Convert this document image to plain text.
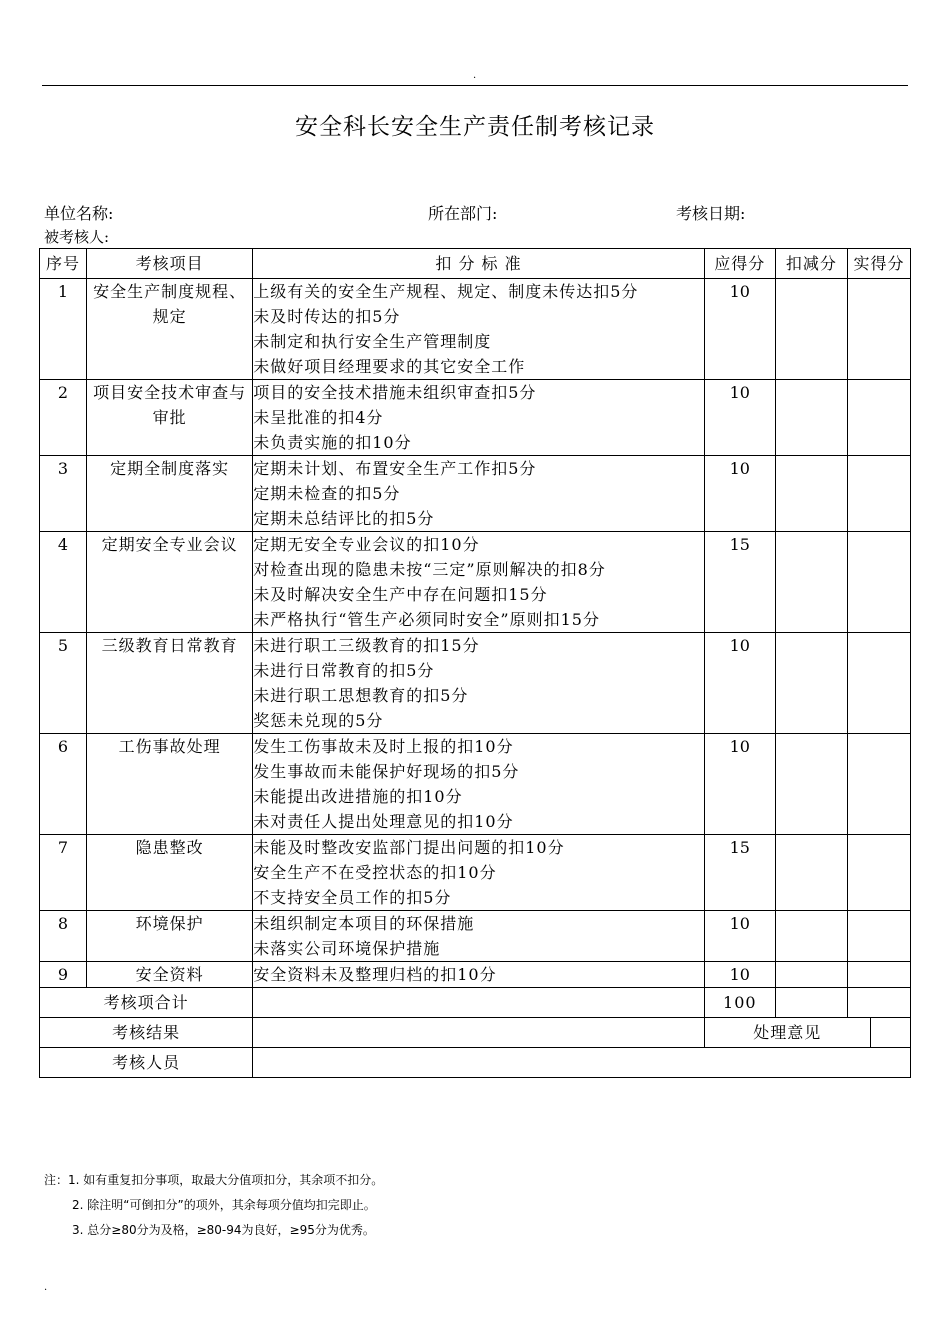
.
安全科长安全生产责任制考核记录
单位名称:	所在部门:	考核日期:
被考核人:
序号	考核项目	扣 分 标 准	应得分	扣减分	实得分
1	安全生产制度规程、规定	上级有关的安全生产规程、规定、制度未传达扣5分
未及时传达的扣5分
未制定和执行安全生产管理制度
未做好项目经理要求的其它安全工作	10		
2	项目安全技术审查与审批	项目的安全技术措施未组织审查扣5分
未呈批准的扣4分
未负责实施的扣10分	10		
3	定期全制度落实	定期未计划、布置安全生产工作扣5分
定期未检查的扣5分
定期未总结评比的扣5分	10		
4	定期安全专业会议	定期无安全专业会议的扣10分
对检查出现的隐患未按“三定”原则解决的扣8分
未及时解决安全生产中存在问题扣15分
未严格执行“管生产必须同时安全”原则扣15分	15		
5	三级教育日常教育	未进行职工三级教育的扣15分
未进行日常教育的扣5分
未进行职工思想教育的扣5分
奖惩未兑现的5分	10		
6	工伤事故处理	发生工伤事故未及时上报的扣10分
发生事故而未能保护好现场的扣5分
未能提出改进措施的扣10分
未对责任人提出处理意见的扣10分	10		
7	隐患整改	未能及时整改安监部门提出问题的扣10分
安全生产不在受控状态的扣10分
不支持安全员工作的扣5分	15		
8	环境保护	未组织制定本项目的环保措施
未落实公司环境保护措施	10		
9	安全资料	安全资料未及整理归档的扣10分	10		
考核项合计			100		
考核结果			处理意见		

考核人员					
注：1. 如有重复扣分事项，取最大分值项扣分，其余项不扣分。
2. 除注明“可倒扣分”的项外，其余每项分值均扣完即止。
3. 总分≥80分为及格，≥80-94为良好，≥95分为优秀。
.
